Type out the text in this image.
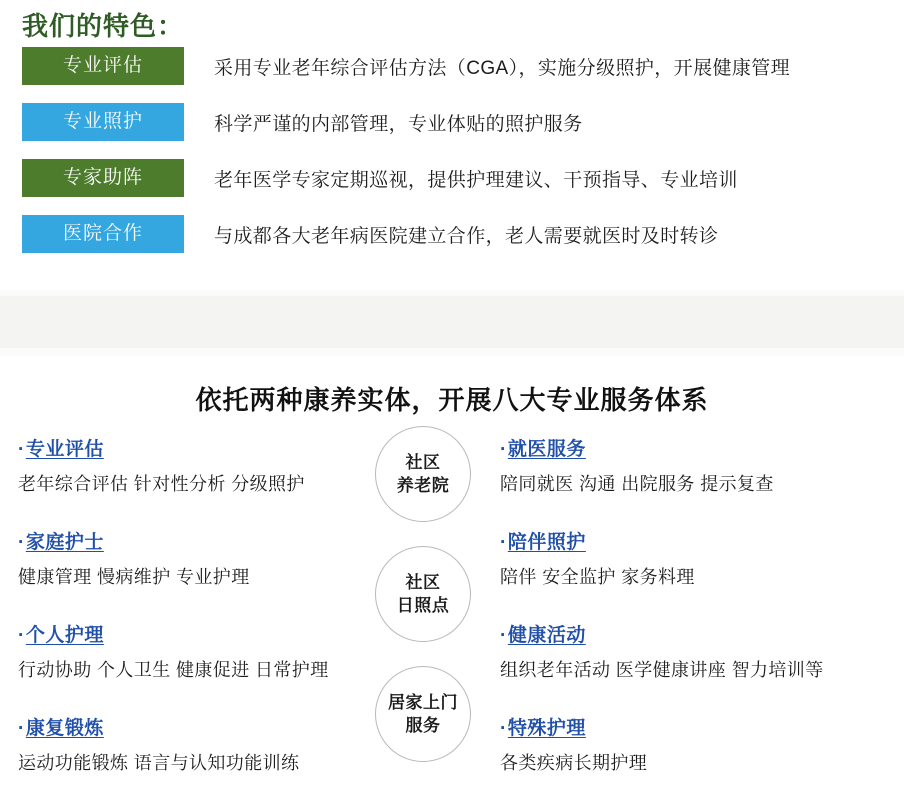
我们的特色：
专业评估	采用专业老年综合评估方法（CGA），实施分级照护，开展健康管理
专业照护	科学严谨的内部管理，专业体贴的照护服务
专家助阵	老年医学专家定期巡视，提供护理建议、干预指导、专业培训
医院合作	与成都各大老年病医院建立合作，老人需要就医时及时转诊
依托两种康养实体，开展八大专业服务体系
·专业评估
老年综合评估 针对性分析 分级照护
·家庭护士
健康管理 慢病维护 专业护理
·个人护理
行动协助 个人卫生 健康促进 日常护理
·康复锻炼
运动功能锻炼 语言与认知功能训练
社区
养老院
社区
日照点
居家上门
服务
·就医服务
陪同就医 沟通 出院服务 提示复查
·陪伴照护
陪伴 安全监护 家务料理
·健康活动
组织老年活动 医学健康讲座 智力培训等
·特殊护理
各类疾病长期护理
